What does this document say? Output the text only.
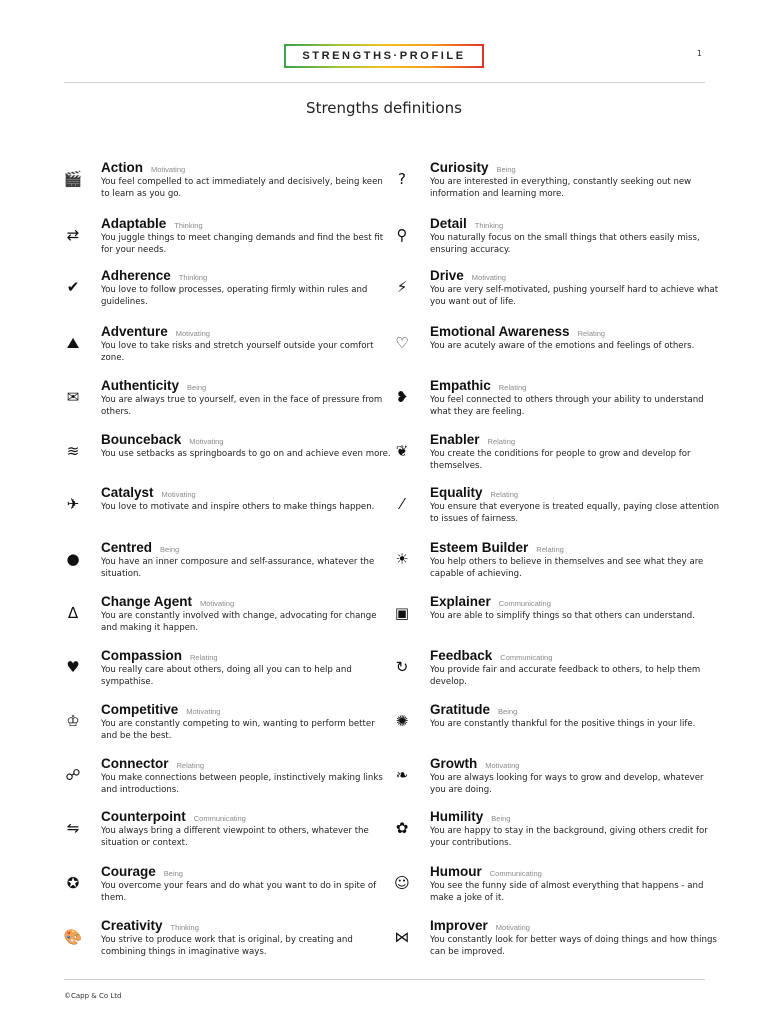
STRENGTHS·PROFILE	1
Strengths definitions
🎬
Action Motivating
You feel compelled to act immediately and decisively, being keen to learn as you go.
⇄
Adaptable Thinking
You juggle things to meet changing demands and find the best fit for your needs.
✔
Adherence Thinking
You love to follow processes, operating firmly within rules and guidelines.
⛰
Adventure Motivating
You love to take risks and stretch yourself outside your comfort zone.
✉
Authenticity Being
You are always true to yourself, even in the face of pressure from others.
≋
Bounceback Motivating
You use setbacks as springboards to go on and achieve even more.
✈
Catalyst Motivating
You love to motivate and inspire others to make things happen.
●
Centred Being
You have an inner composure and self-assurance, whatever the situation.
Δ
Change Agent Motivating
You are constantly involved with change, advocating for change and making it happen.
♥
Compassion Relating
You really care about others, doing all you can to help and sympathise.
♔
Competitive Motivating
You are constantly competing to win, wanting to perform better and be the best.
☍
Connector Relating
You make connections between people, instinctively making links and introductions.
⇋
Counterpoint Communicating
You always bring a different viewpoint to others, whatever the situation or context.
✪
Courage Being
You overcome your fears and do what you want to do in spite of them.
🎨
Creativity Thinking
You strive to produce work that is original, by creating and combining things in imaginative ways.
?
Curiosity Being
You are interested in everything, constantly seeking out new information and learning more.
⚲
Detail Thinking
You naturally focus on the small things that others easily miss, ensuring accuracy.
⚡
Drive Motivating
You are very self-motivated, pushing yourself hard to achieve what you want out of life.
♡
Emotional Awareness Relating
You are acutely aware of the emotions and feelings of others.
❥
Empathic Relating
You feel connected to others through your ability to understand what they are feeling.
❦
Enabler Relating
You create the conditions for people to grow and develop for themselves.
⁄
Equality Relating
You ensure that everyone is treated equally, paying close attention to issues of fairness.
☀
Esteem Builder Relating
You help others to believe in themselves and see what they are capable of achieving.
▣
Explainer Communicating
You are able to simplify things so that others can understand.
↻
Feedback Communicating
You provide fair and accurate feedback to others, to help them develop.
✺
Gratitude Being
You are constantly thankful for the positive things in your life.
❧
Growth Motivating
You are always looking for ways to grow and develop, whatever you are doing.
✿
Humility Being
You are happy to stay in the background, giving others credit for your contributions.
☺
Humour Communicating
You see the funny side of almost everything that happens - and make a joke of it.
⋈
Improver Motivating
You constantly look for better ways of doing things and how things can be improved.
©Capp & Co Ltd
